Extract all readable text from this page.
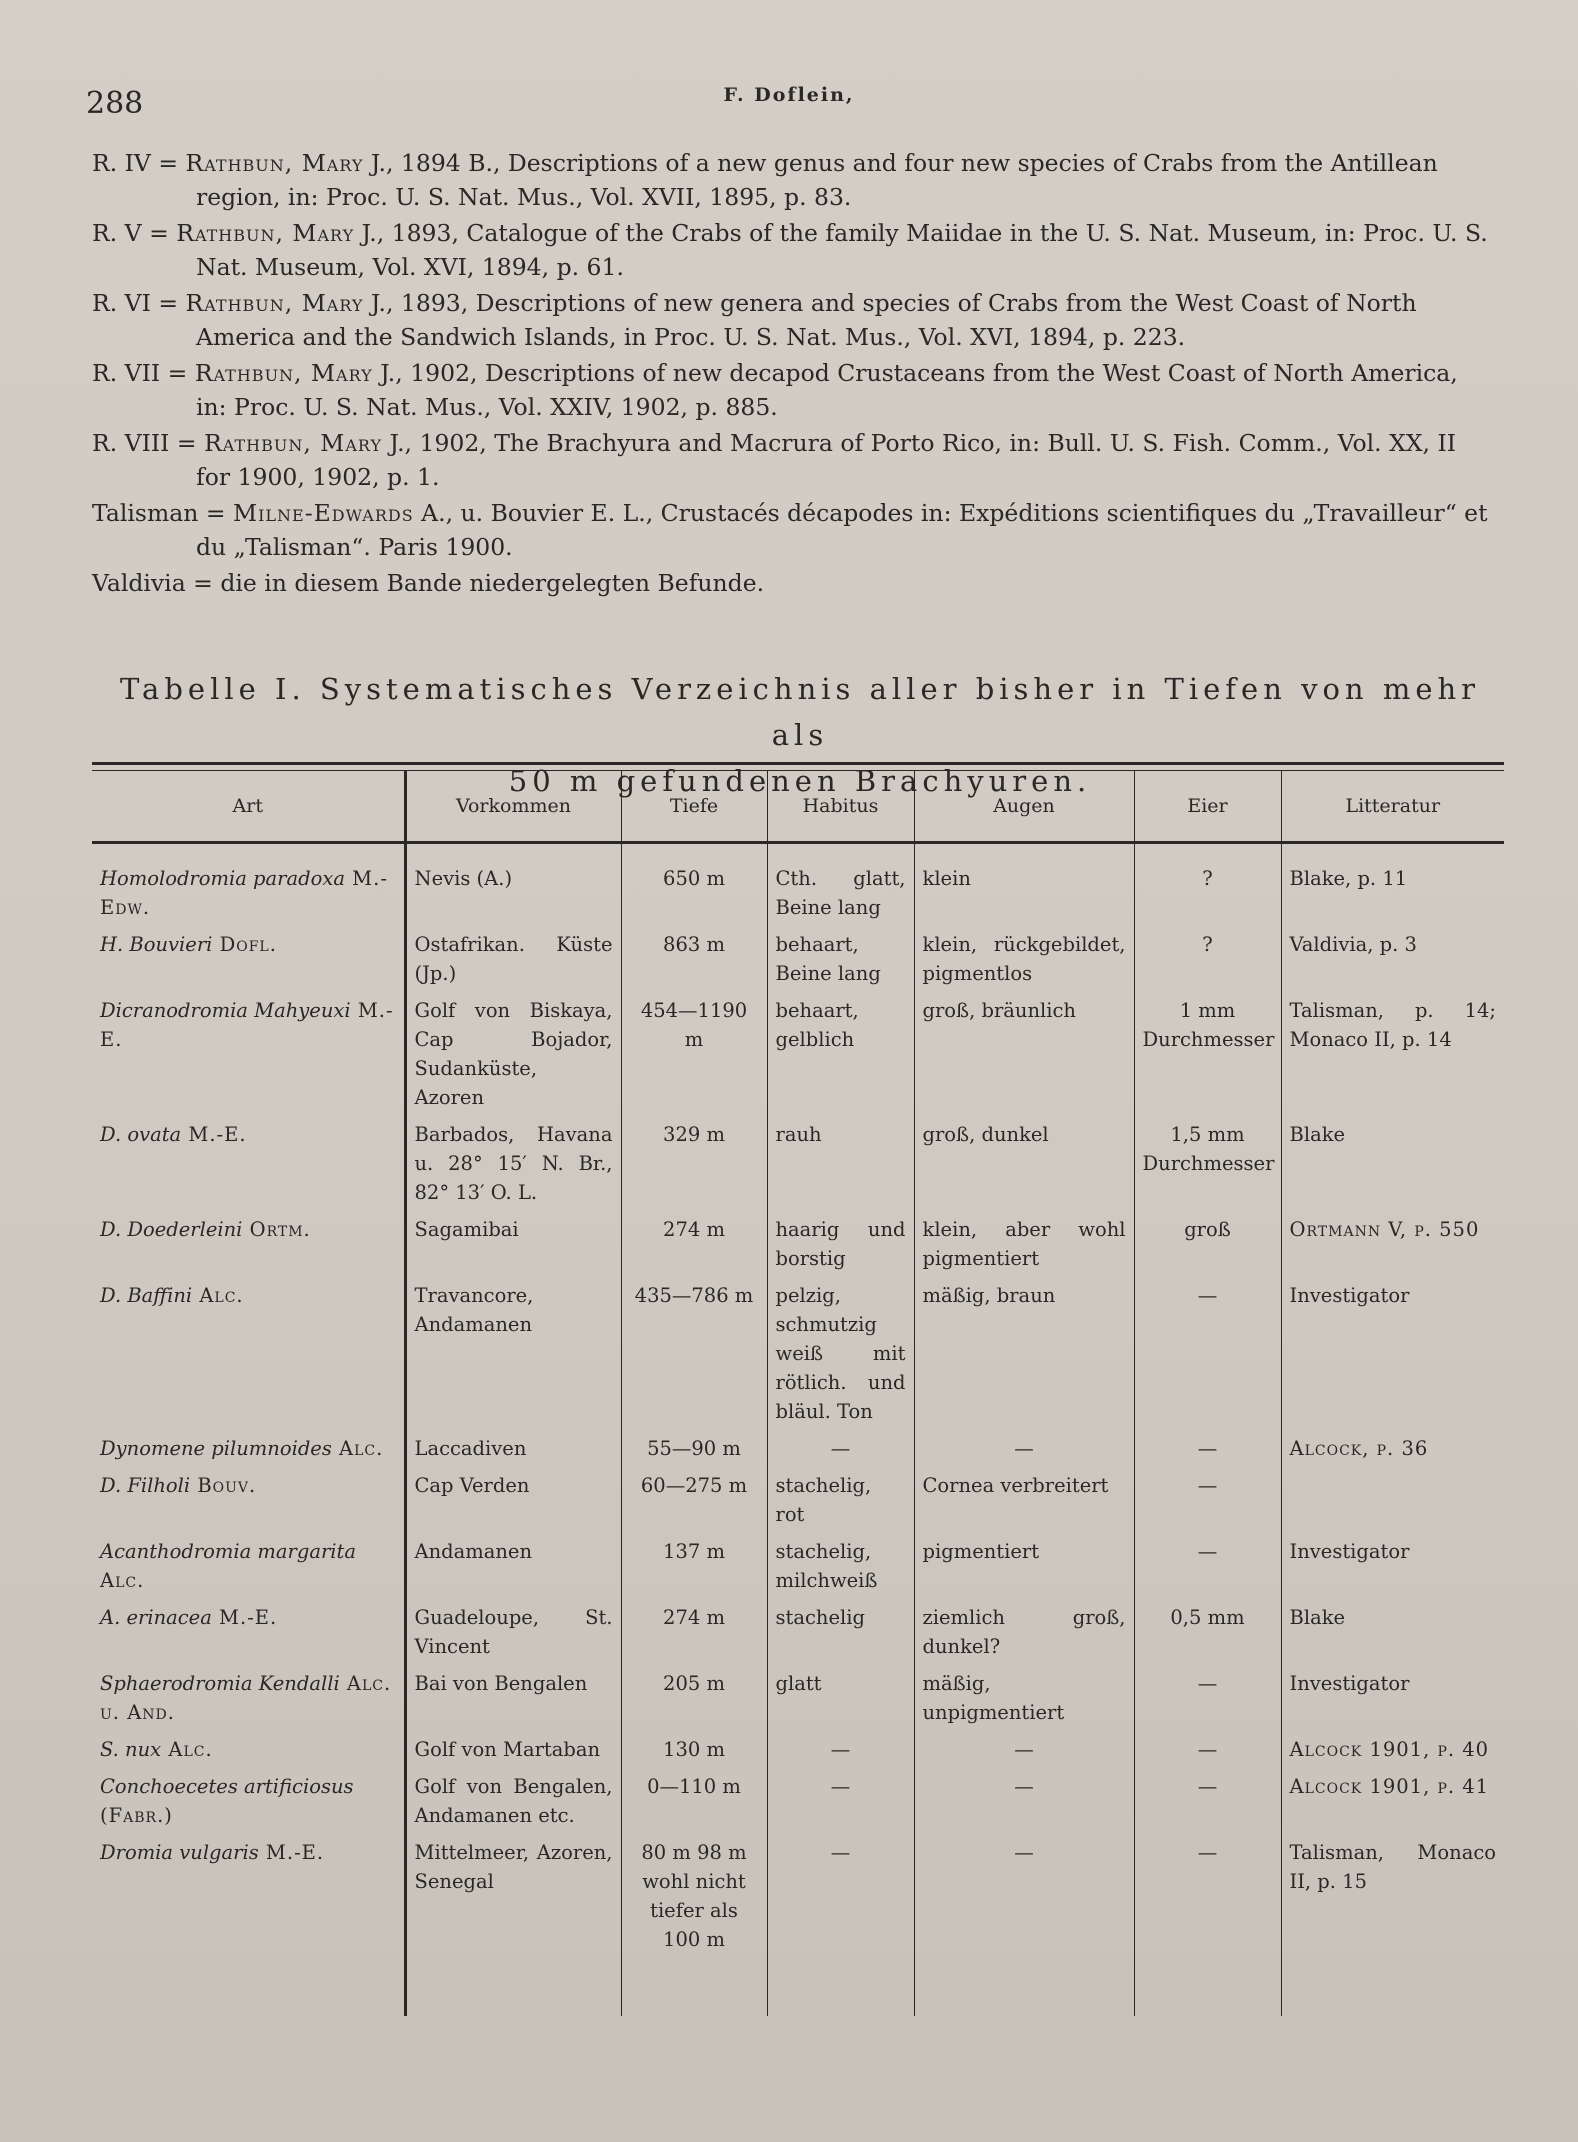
288	F. Doflein,
R. IV = Rathbun, Mary J., 1894 B., Descriptions of a new genus and four new species of Crabs from the Antillean region, in: Proc. U. S. Nat. Mus., Vol. XVII, 1895, p. 83.
R. V = Rathbun, Mary J., 1893, Catalogue of the Crabs of the family Maiidae in the U. S. Nat. Museum, in: Proc. U. S. Nat. Museum, Vol. XVI, 1894, p. 61.
R. VI = Rathbun, Mary J., 1893, Descriptions of new genera and species of Crabs from the West Coast of North America and the Sandwich Islands, in Proc. U. S. Nat. Mus., Vol. XVI, 1894, p. 223.
R. VII = Rathbun, Mary J., 1902, Descriptions of new decapod Crustaceans from the West Coast of North America, in: Proc. U. S. Nat. Mus., Vol. XXIV, 1902, p. 885.
R. VIII = Rathbun, Mary J., 1902, The Brachyura and Macrura of Porto Rico, in: Bull. U. S. Fish. Comm., Vol. XX, II for 1900, 1902, p. 1.
Talisman = Milne-Edwards A., u. Bouvier E. L., Crustacés décapodes in: Expéditions scientifiques du „Travailleur“ et du „Talisman“. Paris 1900.
Valdivia = die in diesem Bande niedergelegten Befunde.
Tabelle I. Systematisches Verzeichnis aller bisher in Tiefen von mehr als
50 m gefundenen Brachyuren.
Art	Vorkommen	Tiefe	Habitus	Augen	Eier	Litteratur
Homolodromia paradoxa M.-Edw.	Nevis (A.)	650 m	Cth. glatt, Beine lang	klein	?	Blake, p. 11
H. Bouvieri Dofl.	Ostafrikan. Küste (Jp.)	863 m	behaart, Beine lang	klein, rückgebildet, pigmentlos	?	Valdivia, p. 3
Dicranodromia Mahyeuxi M.-E.	Golf von Biskaya, Cap Bojador, Sudanküste, Azoren	454—1190 m	behaart, gelblich	groß, bräunlich	1 mm Durchmesser	Talisman, p. 14; Monaco II, p. 14
D. ovata M.-E.	Barbados, Havana u. 28° 15′ N. Br., 82° 13′ O. L.	329 m	rauh	groß, dunkel	1,5 mm Durchmesser	Blake
D. Doederleini Ortm.	Sagamibai	274 m	haarig und borstig	klein, aber wohl pigmentiert	groß	Ortmann V, p. 550
D. Baffini Alc.	Travancore, Andamanen	435—786 m	pelzig, schmutzig weiß mit rötlich. und bläul. Ton	mäßig, braun	—	Investigator
Dynomene pilumnoides Alc.	Laccadiven	55—90 m	—	—	—	Alcock, p. 36
D. Filholi Bouv.	Cap Verden	60—275 m	stachelig, rot	Cornea verbreitert	—	
Acanthodromia margarita Alc.	Andamanen	137 m	stachelig, milchweiß	pigmentiert	—	Investigator
A. erinacea M.-E.	Guadeloupe, St. Vincent	274 m	stachelig	ziemlich groß, dunkel?	0,5 mm	Blake
Sphaerodromia Kendalli Alc. u. And.	Bai von Bengalen	205 m	glatt	mäßig, unpigmentiert	—	Investigator
S. nux Alc.	Golf von Martaban	130 m	—	—	—	Alcock 1901, p. 40
Conchoecetes artificiosus (Fabr.)	Golf von Bengalen, Andamanen etc.	0—110 m	—	—	—	Alcock 1901, p. 41
Dromia vulgaris M.-E.	Mittelmeer, Azoren, Senegal	80 m 98 m wohl nicht tiefer als 100 m	—	—	—	Talisman, Monaco II, p. 15
